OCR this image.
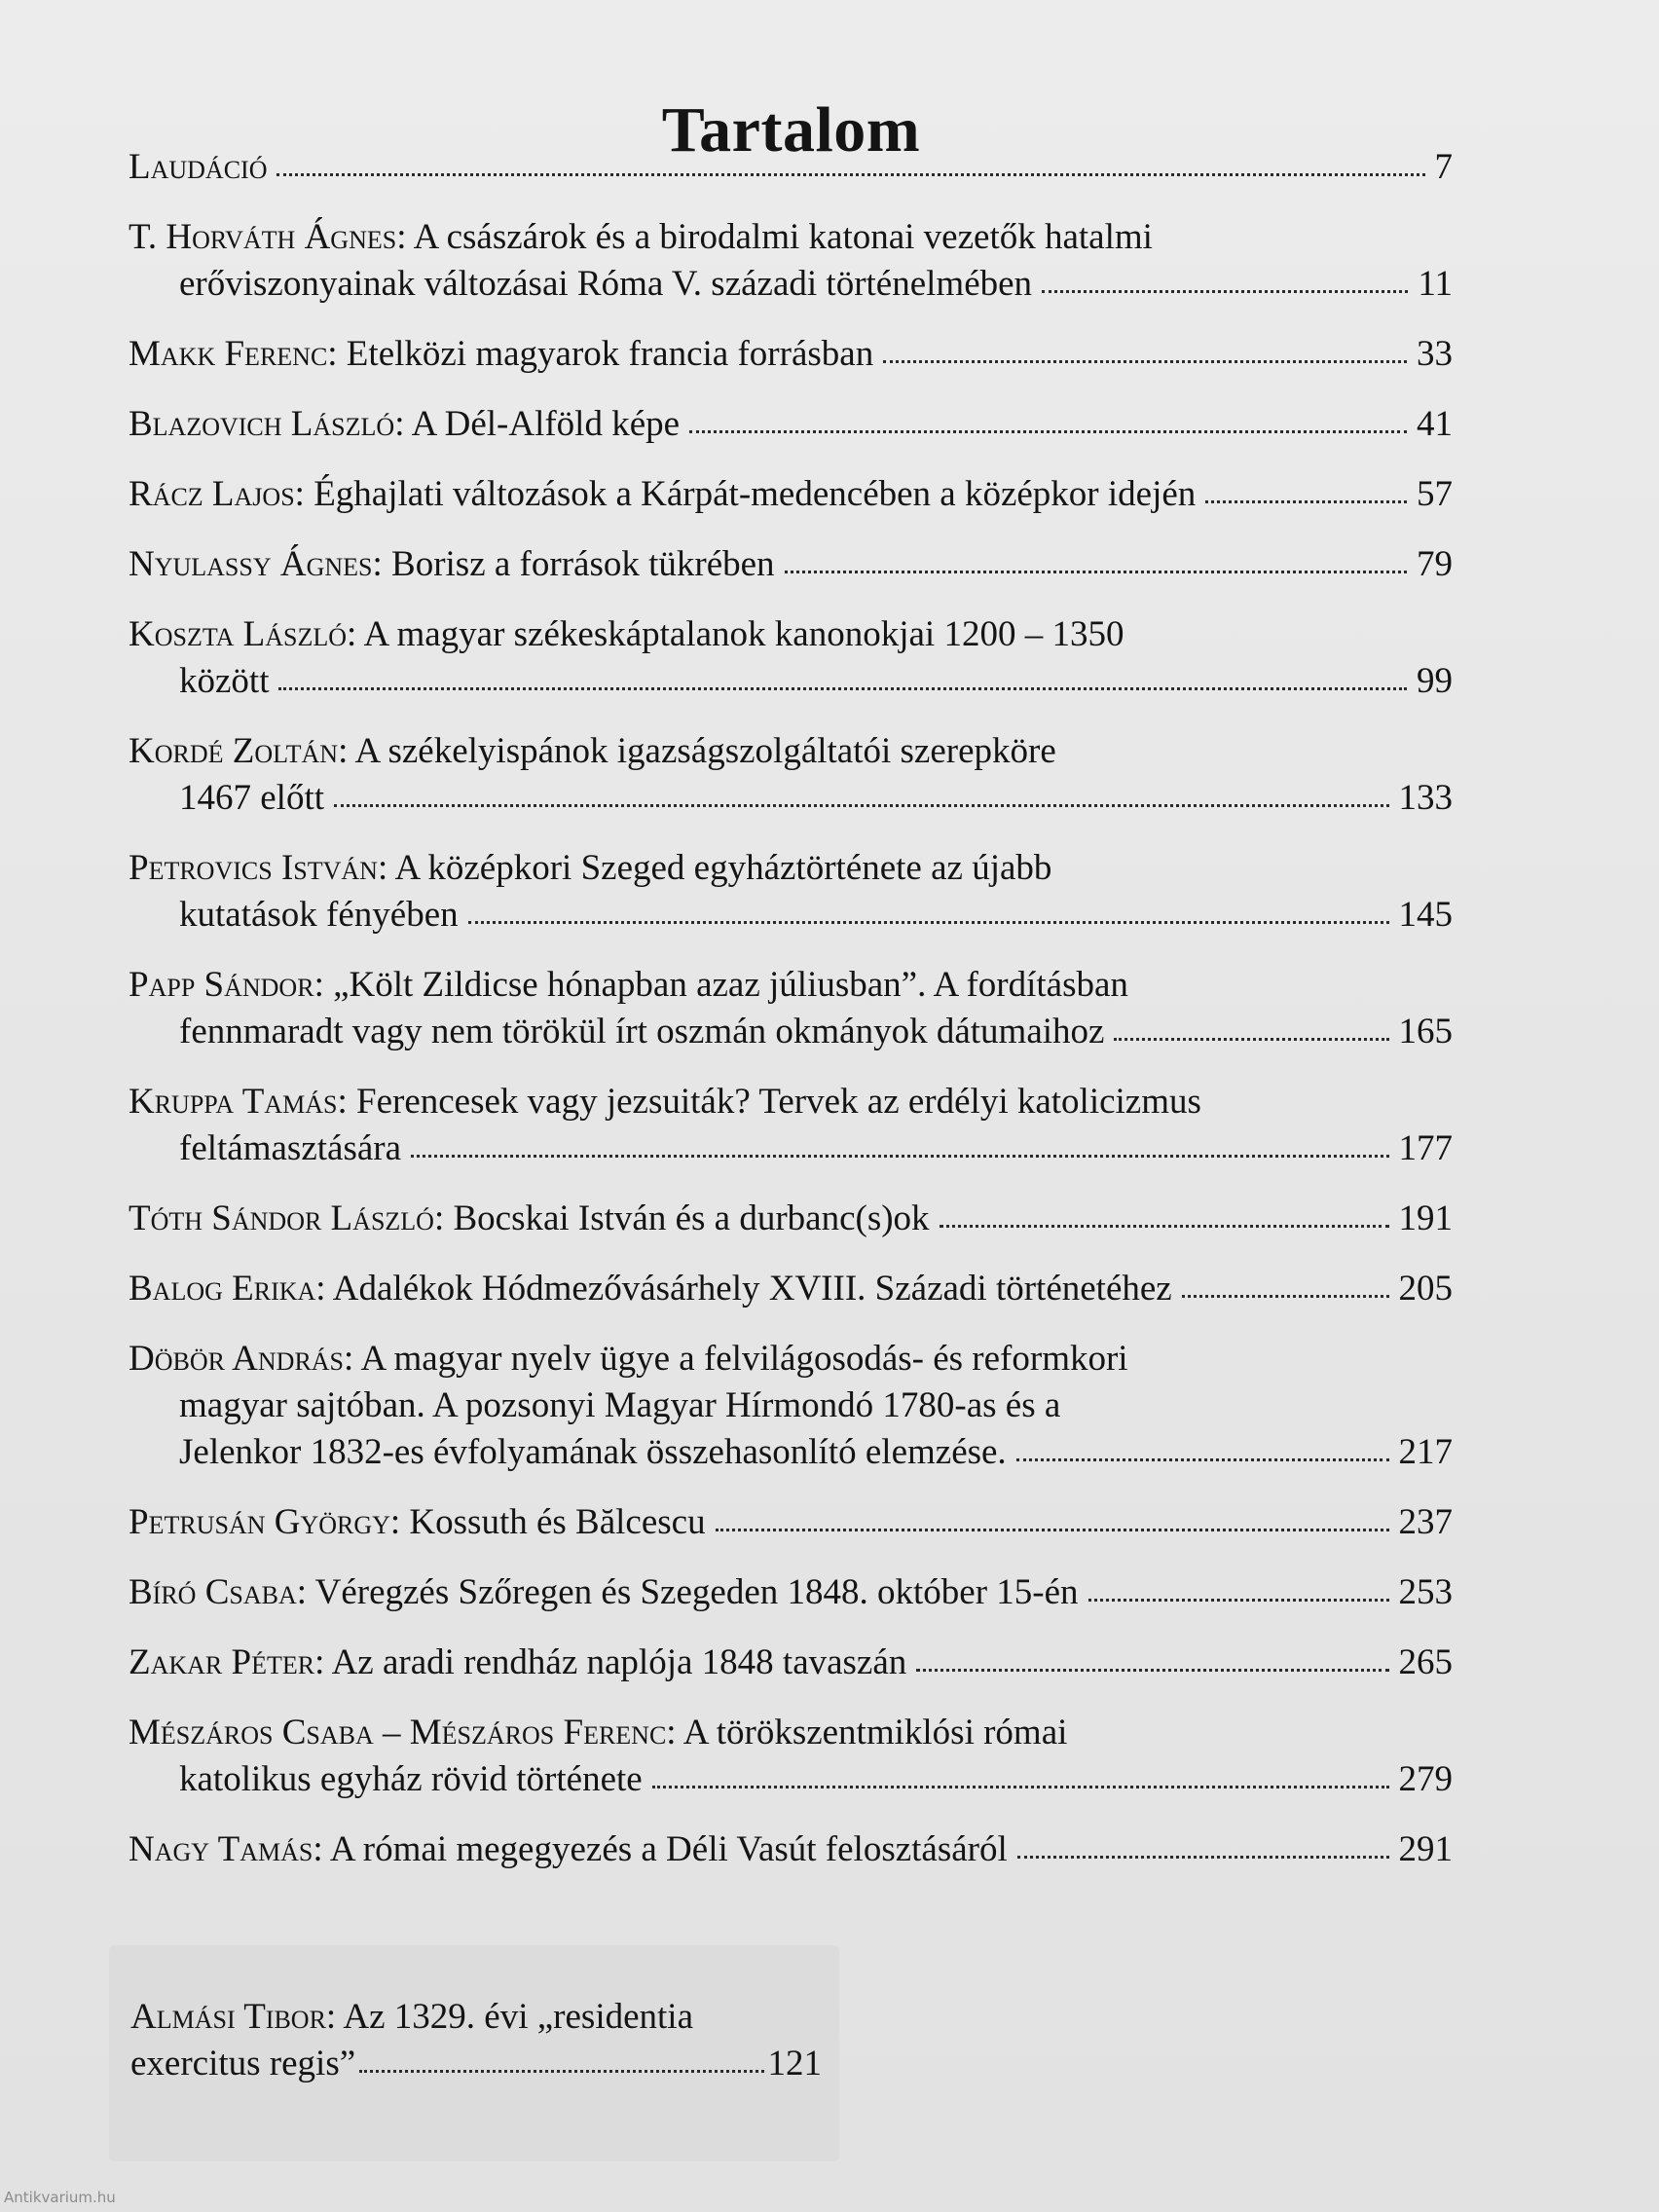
Tartalom
Laudáció	7
T. Horváth Ágnes: A császárok és a birodalmi katonai vezetők hatalmi
erőviszonyainak változásai Róma V. századi történelmében	11
Makk Ferenc: Etelközi magyarok francia forrásban	33
Blazovich László: A Dél-Alföld képe	41
Rácz Lajos: Éghajlati változások a Kárpát-medencében a középkor idején	57
Nyulassy Ágnes: Borisz a források tükrében	79
Koszta László: A magyar székeskáptalanok kanonokjai 1200 – 1350
között	99
Kordé Zoltán: A székelyispánok igazságszolgáltatói szerepköre
1467 előtt	133
Petrovics István: A középkori Szeged egyháztörténete az újabb
kutatások fényében	145
Papp Sándor: „Költ Zildicse hónapban azaz júliusban”. A fordításban
fennmaradt vagy nem törökül írt oszmán okmányok dátumaihoz	165
Kruppa Tamás: Ferencesek vagy jezsuiták? Tervek az erdélyi katolicizmus
feltámasztására	177
Tóth Sándor László: Bocskai István és a durbanc(s)ok	191
Balog Erika: Adalékok Hódmezővásárhely XVIII. Századi történetéhez	205
Döbör András: A magyar nyelv ügye a felvilágosodás- és reformkori
magyar sajtóban. A pozsonyi Magyar Hírmondó 1780-as és a
Jelenkor 1832-es évfolyamának összehasonlító elemzése.	217
Petrusán György: Kossuth és Bălcescu	237
Bíró Csaba: Véregzés Szőregen és Szegeden 1848. október 15-én	253
Zakar Péter: Az aradi rendház naplója 1848 tavaszán	265
Mészáros Csaba – Mészáros Ferenc: A törökszentmiklósi római
katolikus egyház rövid története	279
Nagy Tamás: A római megegyezés a Déli Vasút felosztásáról	291
Almási Tibor: Az 1329. évi „residentia
exercitus regis”	121
Antikvarium.hu
